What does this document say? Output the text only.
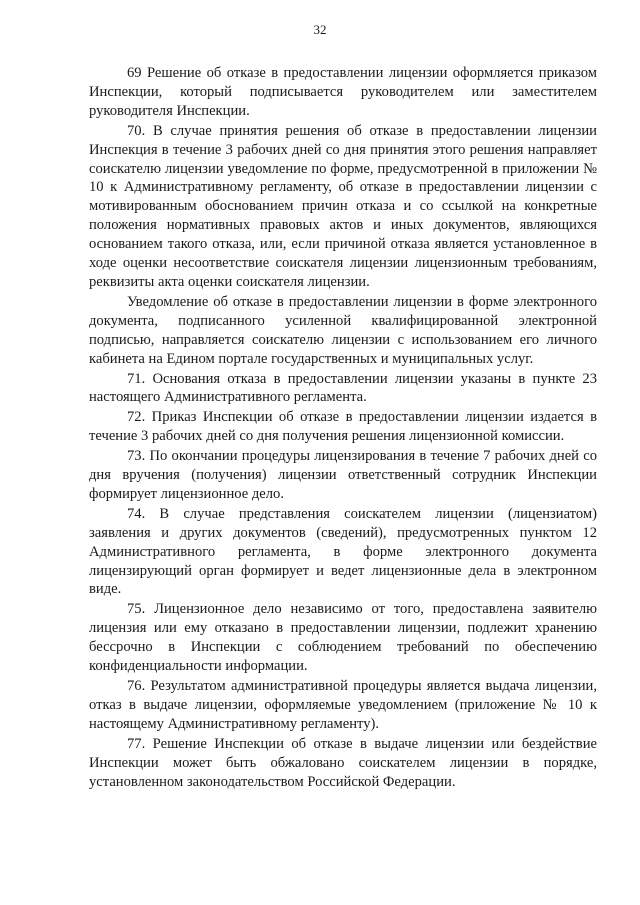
32

69 Решение об отказе в предоставлении лицензии оформляется приказом Инспекции, который подписывается руководителем или заместителем руководителя Инспекции.

70. В случае принятия решения об отказе в предоставлении лицензии Инспекция в течение 3 рабочих дней со дня принятия этого решения направляет соискателю лицензии уведомление по форме, предусмотренной в приложении № 10 к Административному регламенту, об отказе в предоставлении лицензии с мотивированным обоснованием причин отказа и со ссылкой на конкретные положения нормативных правовых актов и иных документов, являющихся основанием такого отказа, или, если причиной отказа является установленное в ходе оценки несоответствие соискателя лицензии лицензионным требованиям, реквизиты акта оценки соискателя лицензии.

Уведомление об отказе в предоставлении лицензии в форме электронного документа, подписанного усиленной квалифицированной электронной подписью, направляется соискателю лицензии с использованием его личного кабинета на Едином портале государственных и муниципальных услуг.

71. Основания отказа в предоставлении лицензии указаны в пункте 23 настоящего Административного регламента.

72. Приказ Инспекции об отказе в предоставлении лицензии издается в течение 3 рабочих дней со дня получения решения лицензионной комиссии.

73. По окончании процедуры лицензирования в течение 7 рабочих дней со дня вручения (получения) лицензии ответственный сотрудник Инспекции формирует лицензионное дело.

74. В случае представления соискателем лицензии (лицензиатом) заявления и других документов (сведений), предусмотренных пунктом 12 Административного регламента, в форме электронного документа лицензирующий орган формирует и ведет лицензионные дела в электронном виде.

75. Лицензионное дело независимо от того, предоставлена заявителю лицензия или ему отказано в предоставлении лицензии, подлежит хранению бессрочно в Инспекции с соблюдением требований по обеспечению конфиденциальности информации.

76. Результатом административной процедуры является выдача лицензии, отказ в выдаче лицензии, оформляемые уведомлением (приложение № 10 к настоящему Административному регламенту).

77. Решение Инспекции об отказе в выдаче лицензии или бездействие Инспекции может быть обжаловано соискателем лицензии в порядке, установленном законодательством Российской Федерации.
